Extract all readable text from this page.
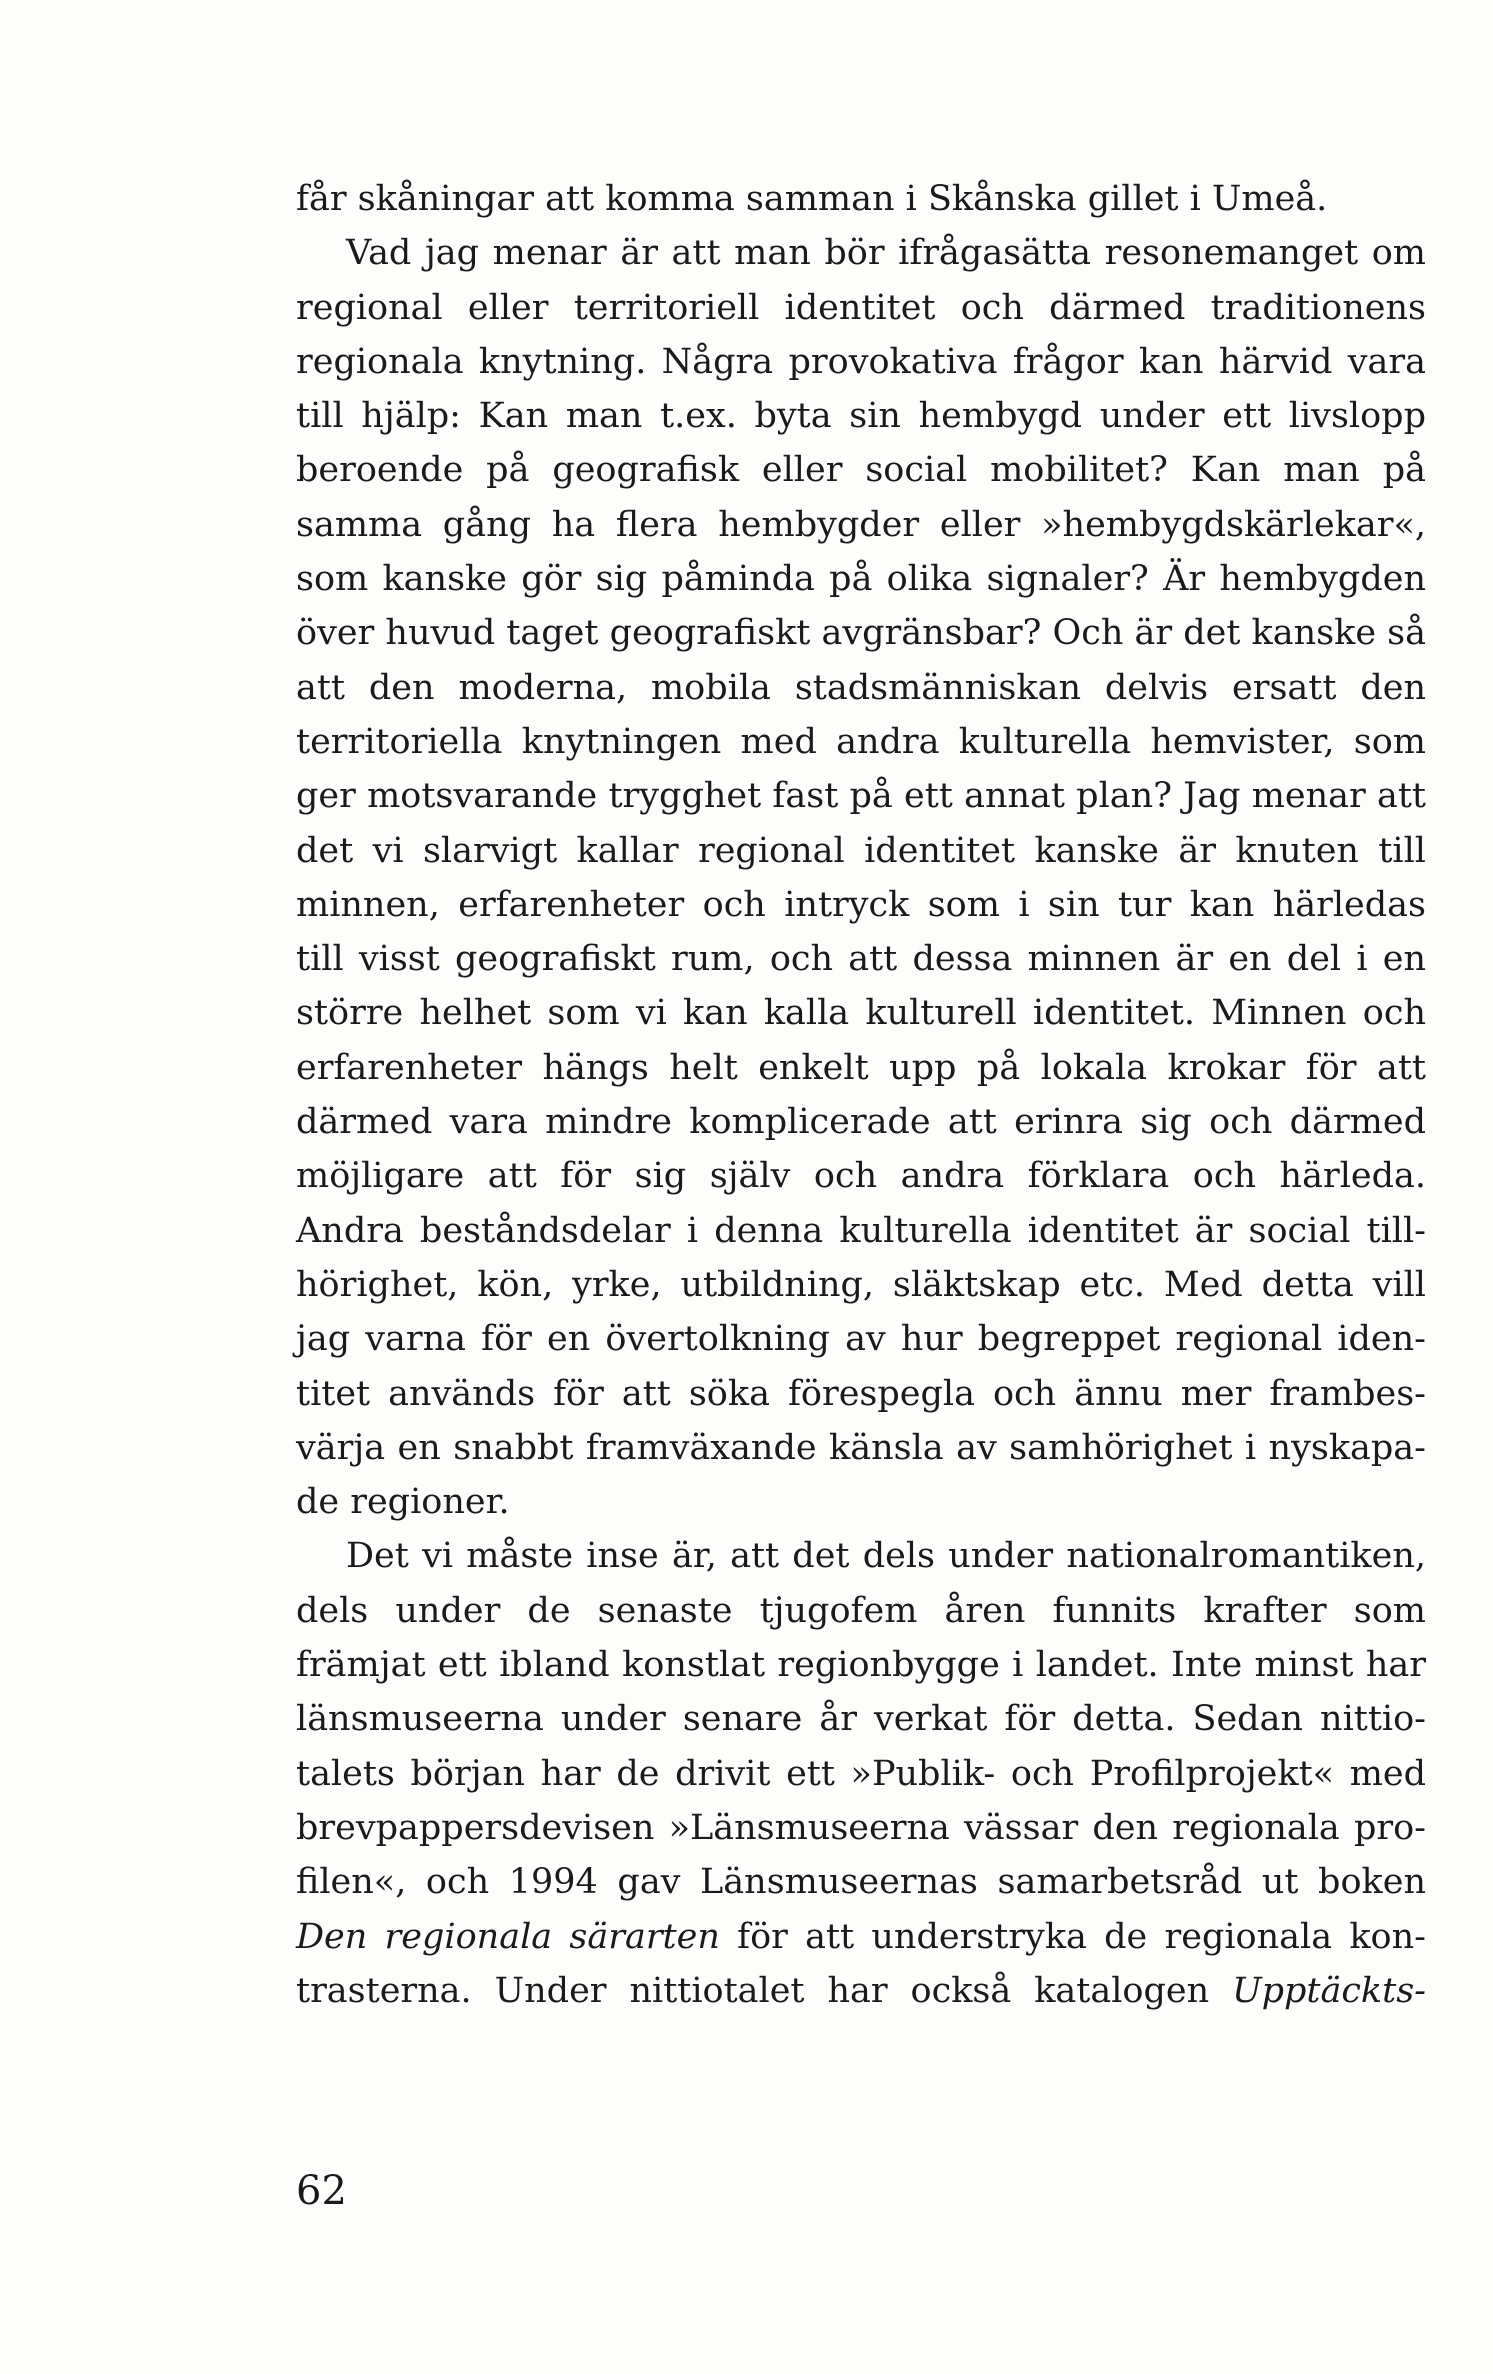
får skåningar att komma samman i Skånska gillet i Umeå.
Vad jag menar är att man bör ifrågasätta resonemanget om
regional eller territoriell identitet och därmed traditionens
regionala knytning. Några provokativa frågor kan härvid vara
till hjälp: Kan man t.ex. byta sin hembygd under ett livslopp
beroende på geografisk eller social mobilitet? Kan man på
samma gång ha flera hembygder eller »hembygdskärlekar«,
som kanske gör sig påminda på olika signaler? Är hembygden
över huvud taget geografiskt avgränsbar? Och är det kanske så
att den moderna, mobila stadsmänniskan delvis ersatt den
territoriella knytningen med andra kulturella hemvister, som
ger motsvarande trygghet fast på ett annat plan? Jag menar att
det vi slarvigt kallar regional identitet kanske är knuten till
minnen, erfarenheter och intryck som i sin tur kan härledas
till visst geografiskt rum, och att dessa minnen är en del i en
större helhet som vi kan kalla kulturell identitet. Minnen och
erfarenheter hängs helt enkelt upp på lokala krokar för att
därmed vara mindre komplicerade att erinra sig och därmed
möjligare att för sig själv och andra förklara och härleda.
Andra beståndsdelar i denna kulturella identitet är social till-
hörighet, kön, yrke, utbildning, släktskap etc. Med detta vill
jag varna för en övertolkning av hur begreppet regional iden-
titet används för att söka förespegla och ännu mer frambes-
värja en snabbt framväxande känsla av samhörighet i nyskapa-
de regioner.
Det vi måste inse är, att det dels under nationalromantiken,
dels under de senaste tjugofem åren funnits krafter som
främjat ett ibland konstlat regionbygge i landet. Inte minst har
länsmuseerna under senare år verkat för detta. Sedan nittio-
talets början har de drivit ett »Publik- och Profilprojekt« med
brevpappersdevisen »Länsmuseerna vässar den regionala pro-
filen«, och 1994 gav Länsmuseernas samarbetsråd ut boken
Den regionala särarten för att understryka de regionala kon-
trasterna. Under nittiotalet har också katalogen Upptäckts-
62
